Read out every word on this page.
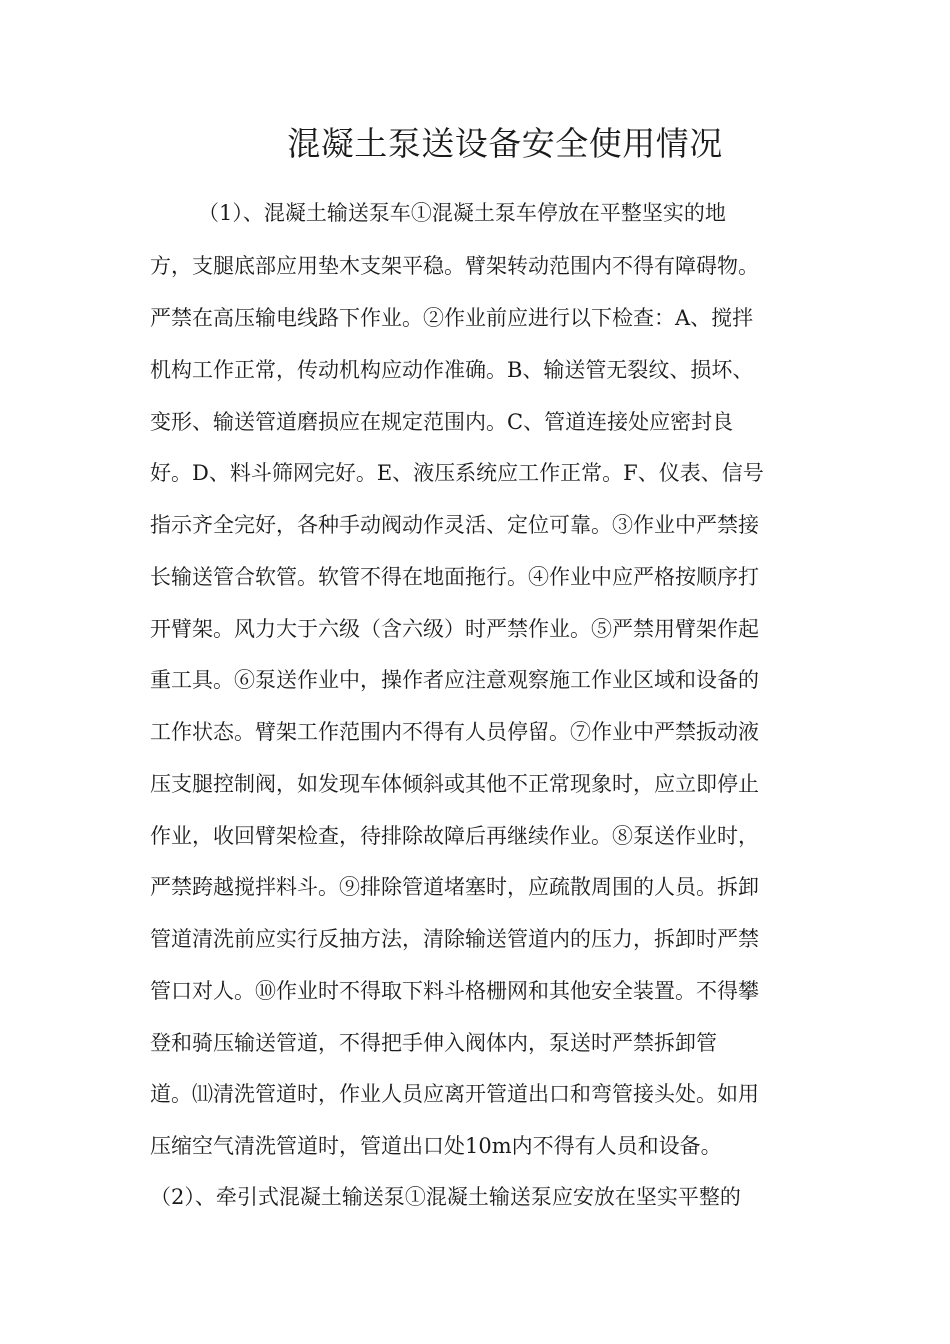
混凝土泵送设备安全使用情况

（1）、混凝土输送泵车①混凝土泵车停放在平整坚实的地

方，支腿底部应用垫木支架平稳。臂架转动范围内不得有障碍物。

严禁在高压输电线路下作业。②作业前应进行以下检查：A、搅拌

机构工作正常，传动机构应动作准确。B、输送管无裂纹、损坏、

变形、输送管道磨损应在规定范围内。C、管道连接处应密封良

好。D、料斗筛网完好。E、液压系统应工作正常。F、仪表、信号

指示齐全完好，各种手动阀动作灵活、定位可靠。③作业中严禁接

长输送管合软管。软管不得在地面拖行。④作业中应严格按顺序打

开臂架。风力大于六级（含六级）时严禁作业。⑤严禁用臂架作起

重工具。⑥泵送作业中，操作者应注意观察施工作业区域和设备的

工作状态。臂架工作范围内不得有人员停留。⑦作业中严禁扳动液

压支腿控制阀，如发现车体倾斜或其他不正常现象时，应立即停止

作业，收回臂架检查，待排除故障后再继续作业。⑧泵送作业时，

严禁跨越搅拌料斗。⑨排除管道堵塞时，应疏散周围的人员。拆卸

管道清洗前应实行反抽方法，清除输送管道内的压力，拆卸时严禁

管口对人。⑩作业时不得取下料斗格栅网和其他安全装置。不得攀

登和骑压输送管道，不得把手伸入阀体内，泵送时严禁拆卸管

道。⑾清洗管道时，作业人员应离开管道出口和弯管接头处。如用

压缩空气清洗管道时，管道出口处10m内不得有人员和设备。

（2）、牵引式混凝土输送泵①混凝土输送泵应安放在坚实平整的
